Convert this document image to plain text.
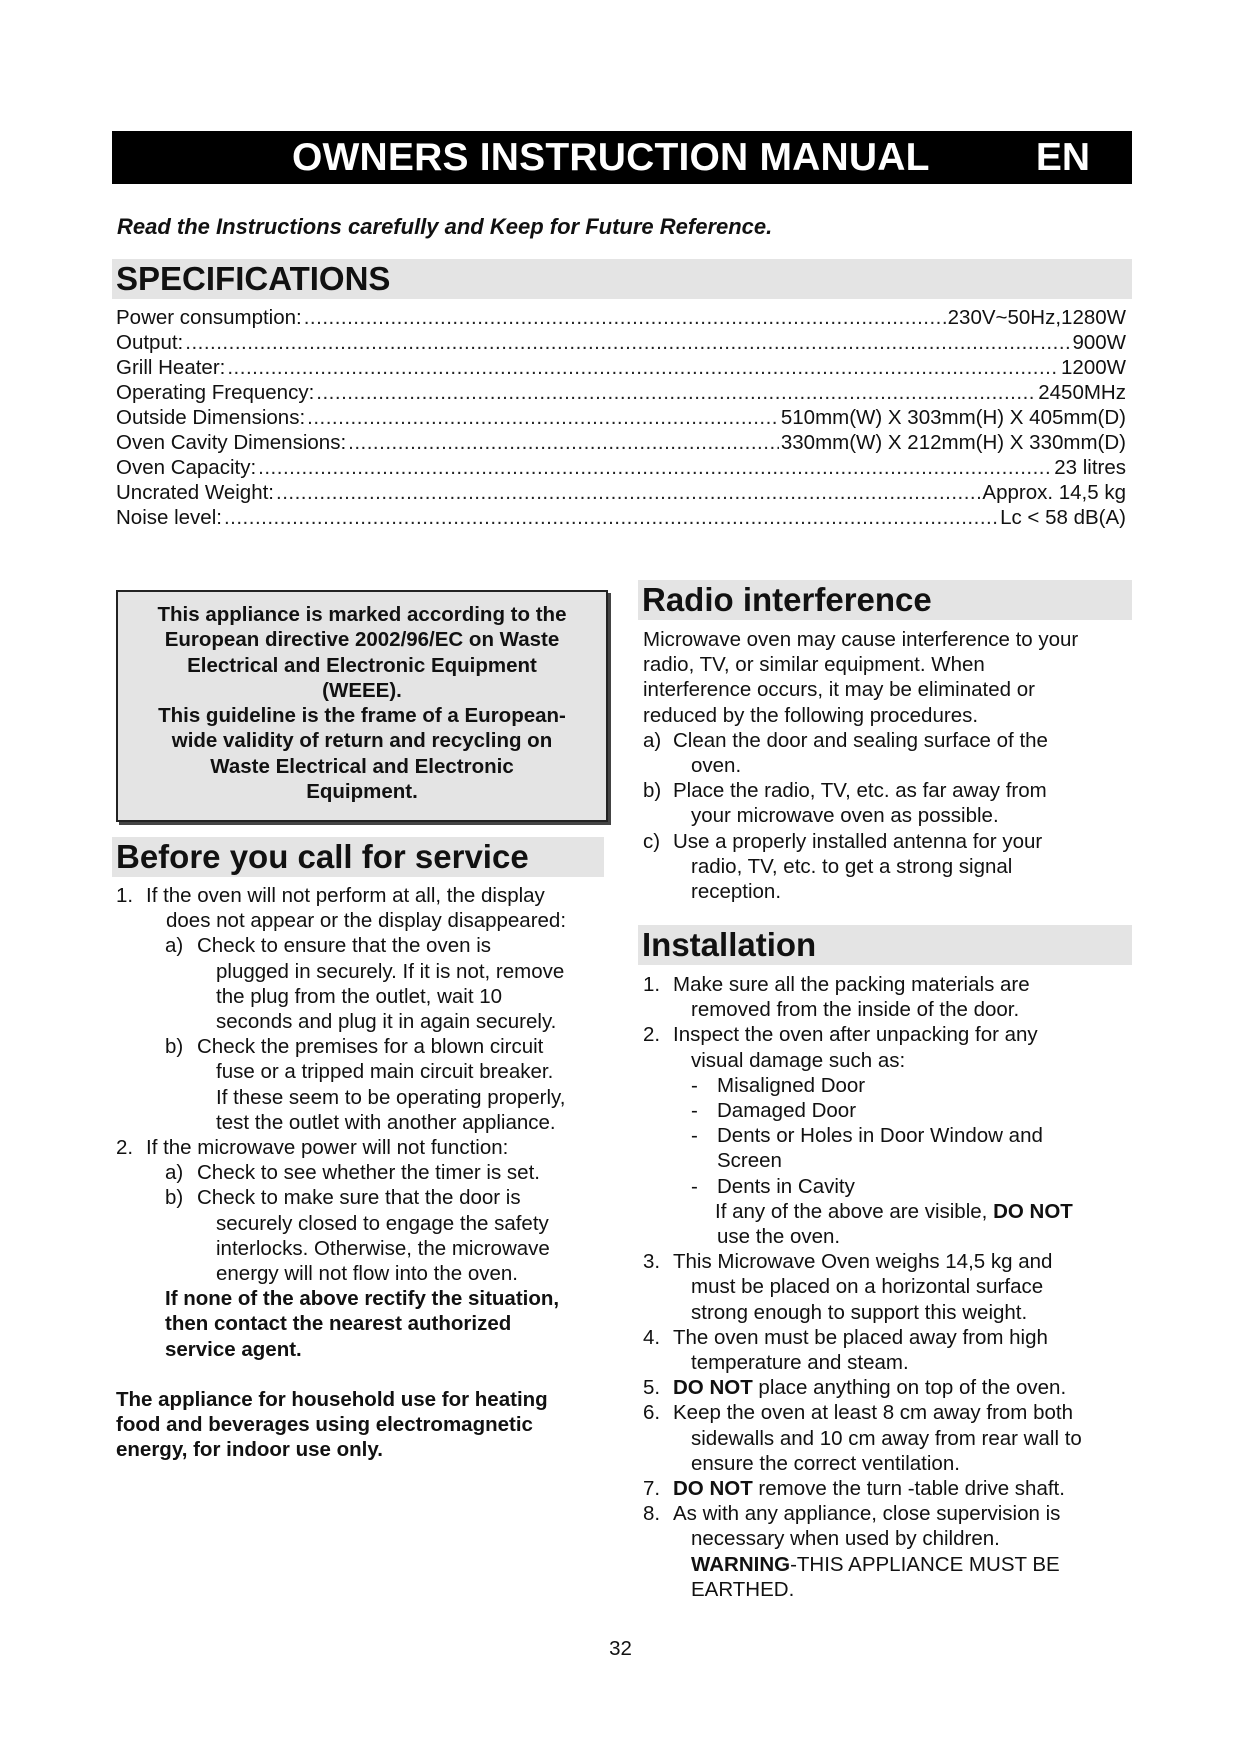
OWNERS INSTRUCTION MANUAL	EN
Read the Instructions carefully and Keep for Future Reference.
SPECIFICATIONS
Power consumption: .....	230V~50Hz,1280W
Output: .....	900W
Grill Heater: .....	1200W
Operating Frequency: .....	2450MHz
Outside Dimensions: .....	510mm(W) X 303mm(H) X 405mm(D)
Oven Cavity Dimensions: .....	330mm(W) X 212mm(H) X 330mm(D)
Oven Capacity: .....	23 litres
Uncrated Weight: .....	Approx. 14,5 kg
Noise level: .....	Lc < 58 dB(A)
This appliance is marked according to the
European directive 2002/96/EC on Waste
Electrical and Electronic Equipment
(WEEE).
This guideline is the frame of a European-
wide validity of return and recycling on
Waste Electrical and Electronic
Equipment.
Before you call for service
1. If the oven will not perform at all, the display

does not appear or the display disappeared:

a) Check to ensure that the oven is

plugged in securely. If it is not, remove

the plug from the outlet, wait 10

seconds and plug it in again securely.

b) Check the premises for a blown circuit

fuse or a tripped main circuit breaker.

If these seem to be operating properly,

test the outlet with another appliance.

2. If the microwave power will not function:

a) Check to see whether the timer is set.

b) Check to make sure that the door is

securely closed to engage the safety

interlocks. Otherwise, the microwave

energy will not flow into the oven.

If none of the above rectify the situation,

then contact the nearest authorized

service agent.

The appliance for household use for heating

food and beverages using electromagnetic

energy, for indoor use only.

Radio interference

Microwave oven may cause interference to your

radio, TV, or similar equipment. When

interference occurs, it may be eliminated or

reduced by the following procedures.

a) Clean the door and sealing surface of the

oven.

b) Place the radio, TV, etc. as far away from

your microwave oven as possible.

c) Use a properly installed antenna for your

radio, TV, etc. to get a strong signal

reception.

Installation
1. Make sure all the packing materials are

removed from the inside of the door.

2. Inspect the oven after unpacking for any

visual damage such as:

- Misaligned Door

- Damaged Door

- Dents or Holes in Door Window and

Screen

- Dents in Cavity

If any of the above are visible, DO NOT

use the oven.

3. This Microwave Oven weighs 14,5 kg and

must be placed on a horizontal surface

strong enough to support this weight.

4. The oven must be placed away from high

temperature and steam.

5. DO NOT place anything on top of the oven.

6. Keep the oven at least 8 cm away from both

sidewalls and 10 cm away from rear wall to

ensure the correct ventilation.

7. DO NOT remove the turn -table drive shaft.

8. As with any appliance, close supervision is

necessary when used by children.

WARNING-THIS APPLIANCE MUST BE

EARTHED.

32
